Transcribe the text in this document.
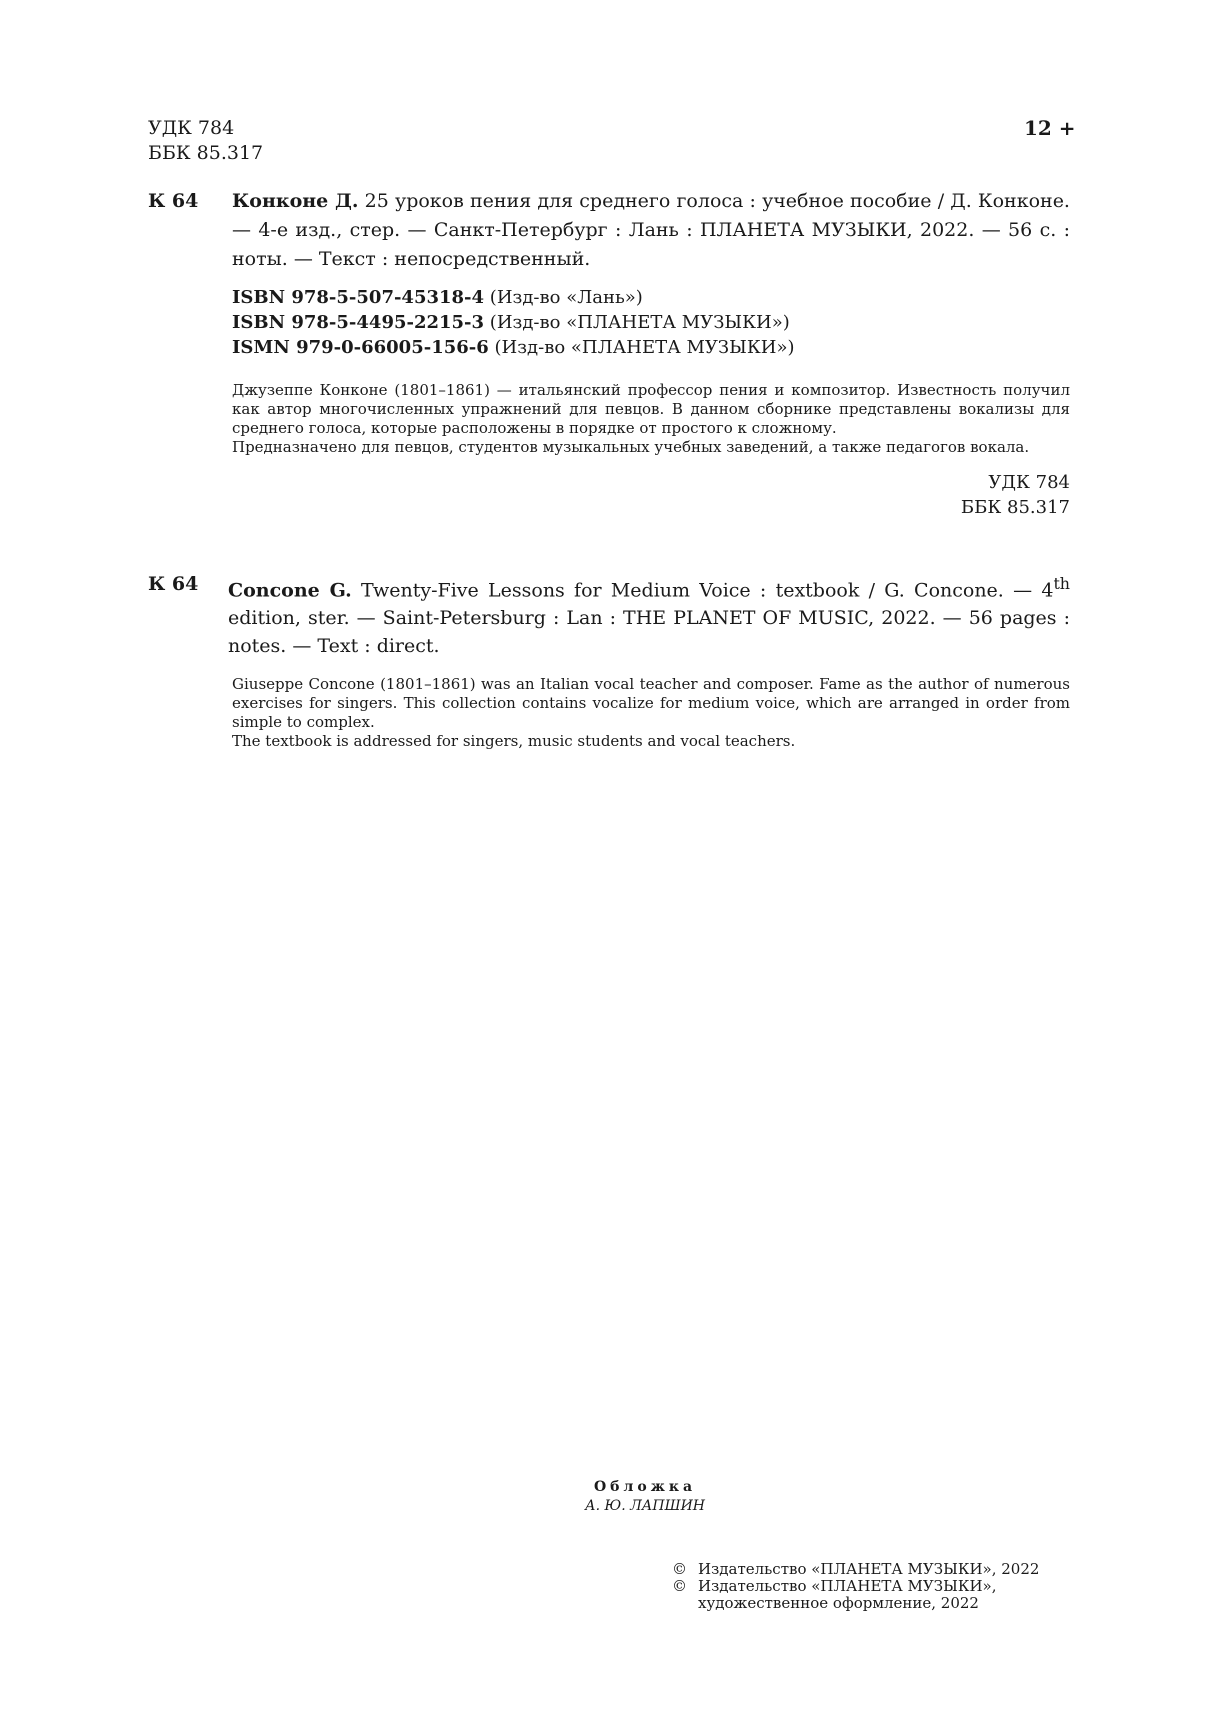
УДК 784
ББК 85.317
12 +
К 64 Конконе Д. 25 уроков пения для среднего голоса : учебное пособие / Д. Конконе. — 4-е изд., стер. — Санкт-Петербург : Лань : ПЛАНЕТА МУЗЫКИ, 2022. — 56 с. : ноты. — Текст : непосредственный.
ISBN 978-5-507-45318-4 (Изд-во «Лань»)
ISBN 978-5-4495-2215-3 (Изд-во «ПЛАНЕТА МУЗЫКИ»)
ISMN 979-0-66005-156-6 (Изд-во «ПЛАНЕТА МУЗЫКИ»)

Джузеппе Конконе (1801–1861) — итальянский профессор пения и композитор. Известность получил как автор многочисленных упражнений для певцов. В данном сборнике представлены вокализы для среднего голоса, которые расположены в порядке от простого к сложному.

Предназначено для певцов, студентов музыкальных учебных заведений, а также педагогов вокала.

УДК 784
ББК 85.317
К 64 Concone G. Twenty-Five Lessons for Medium Voice : textbook / G. Concone. — 4th edition, ster. — Saint-Petersburg : Lan : THE PLANET OF MUSIC, 2022. — 56 pages : notes. — Text : direct.

Giuseppe Concone (1801–1861) was an Italian vocal teacher and composer. Fame as the author of numerous exercises for singers. This collection contains vocalize for medium voice, which are arranged in order from simple to complex.

The textbook is addressed for singers, music students and vocal teachers.

Обложка
А. Ю. ЛАПШИН
© Издательство «ПЛАНЕТА МУЗЫКИ», 2022
© Издательство «ПЛАНЕТА МУЗЫКИ»,
художественное оформление, 2022
